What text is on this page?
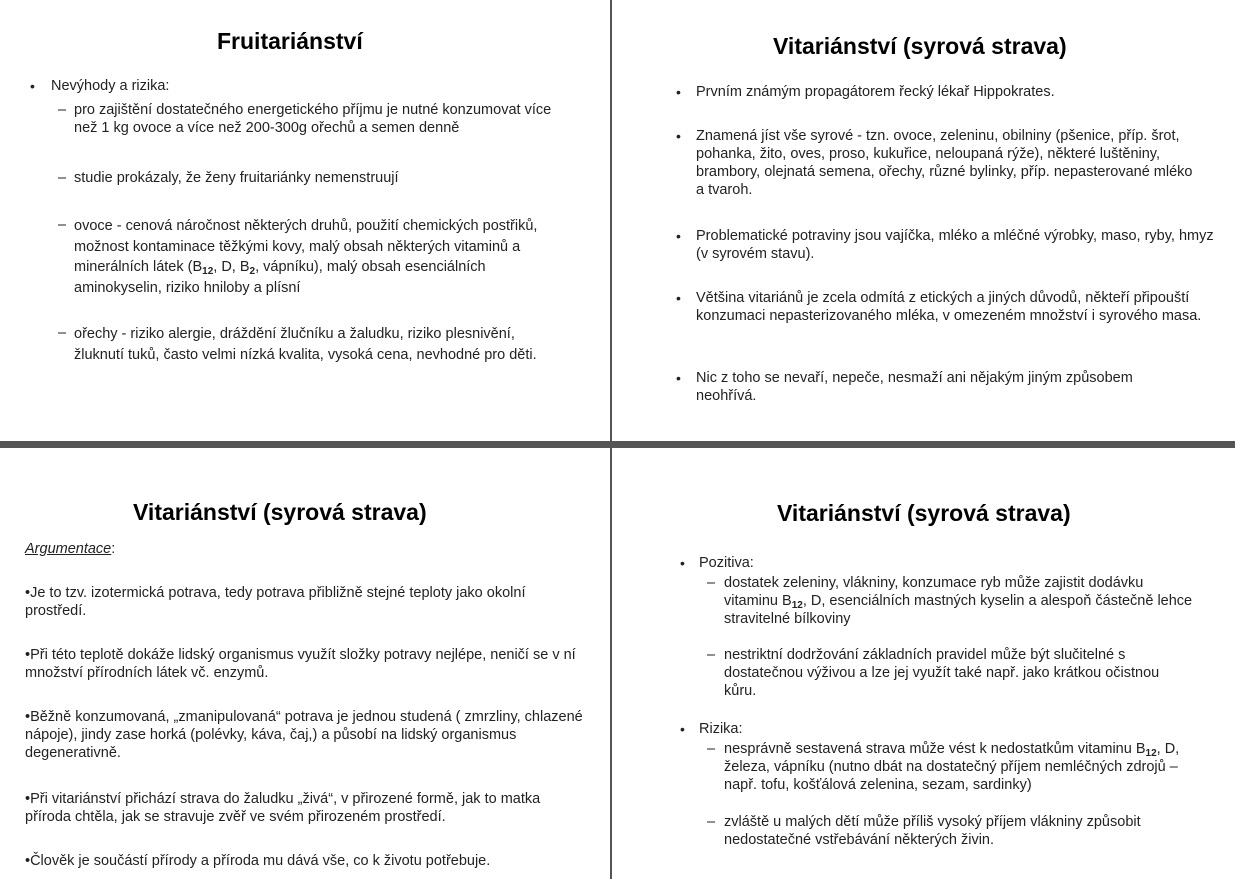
Fruitariánství
• Nevýhody a rizika:
– pro zajištění dostatečného energetického příjmu je nutné konzumovat více než 1 kg ovoce a více než 200-300g ořechů a semen denně
– studie prokázaly, že ženy fruitariánky nemenstruují
– ovoce - cenová náročnost některých druhů, použití chemických postřiků, možnost kontaminace těžkými kovy, malý obsah některých vitaminů a minerálních látek ($B_{12}$, D, $B_2$, vápníku), malý obsah esenciálních aminokyselin, riziko hniloby a plísní
– ořechy - riziko alergie, dráždění žlučníku a žaludku, riziko plesnivění, žluknutí tuků, často velmi nízká kvalita, vysoká cena, nevhodné pro děti.
Vitariánství (syrová strava)
• Prvním známým propagátorem řecký lékař Hippokrates.
• Znamená jíst vše syrové - tzn. ovoce, zeleninu, obilniny (pšenice, příp. šrot, pohanka, žito, oves, proso, kukuřice, neloupaná rýže), některé luštěniny, brambory, olejnatá semena, ořechy, různé bylinky, příp. nepasterované mléko a tvaroh.
• Problematické potraviny jsou vajíčka, mléko a mléčné výrobky, maso, ryby, hmyz (v syrovém stavu).
• Většina vitariánů je zcela odmítá z etických a jiných důvodů, někteří připouští konzumaci nepasterizovaného mléka, v omezeném množství i syrového masa.
• Nic z toho se nevaří, nepeče, nesmaží ani nějakým jiným způsobem neohřívá.
Vitariánství (syrová strava)
Argumentace:
•Je to tzv. izotermická potrava, tedy potrava přibližně stejné teploty jako okolní prostředí.
•Při této teplotě dokáže lidský organismus využít složky potravy nejlépe, neničí se v ní množství přírodních látek vč. enzymů.
•Běžně konzumovaná, „zmanipulovaná“ potrava je jednou studená ( zmrzliny, chlazené nápoje), jindy zase horká (polévky, káva, čaj,) a působí na lidský organismus degenerativně.
•Při vitariánství přichází strava do žaludku „živá“, v přirozené formě, jak to matka příroda chtěla, jak se stravuje zvěř ve svém přirozeném prostředí.
•Člověk je součástí přírody a příroda mu dává vše, co k životu potřebuje.
Vitariánství (syrová strava)
• Pozitiva:
– dostatek zeleniny, vlákniny, konzumace ryb může zajistit dodávku vitaminu $B_{12}$, D, esenciálních mastných kyselin a alespoň částečně lehce stravitelné bílkoviny
– nestriktní dodržování základních pravidel může být slučitelné s dostatečnou výživou a lze jej využít také např. jako krátkou očistnou kůru.
• Rizika:
– nesprávně sestavená strava může vést k nedostatkům vitaminu $B_{12}$, D, železa, vápníku (nutno dbát na dostatečný příjem nemléčných zdrojů – např. tofu, košťálová zelenina, sezam, sardinky)
– zvláště u malých dětí může příliš vysoký příjem vlákniny způsobit nedostatečné vstřebávání některých živin.
